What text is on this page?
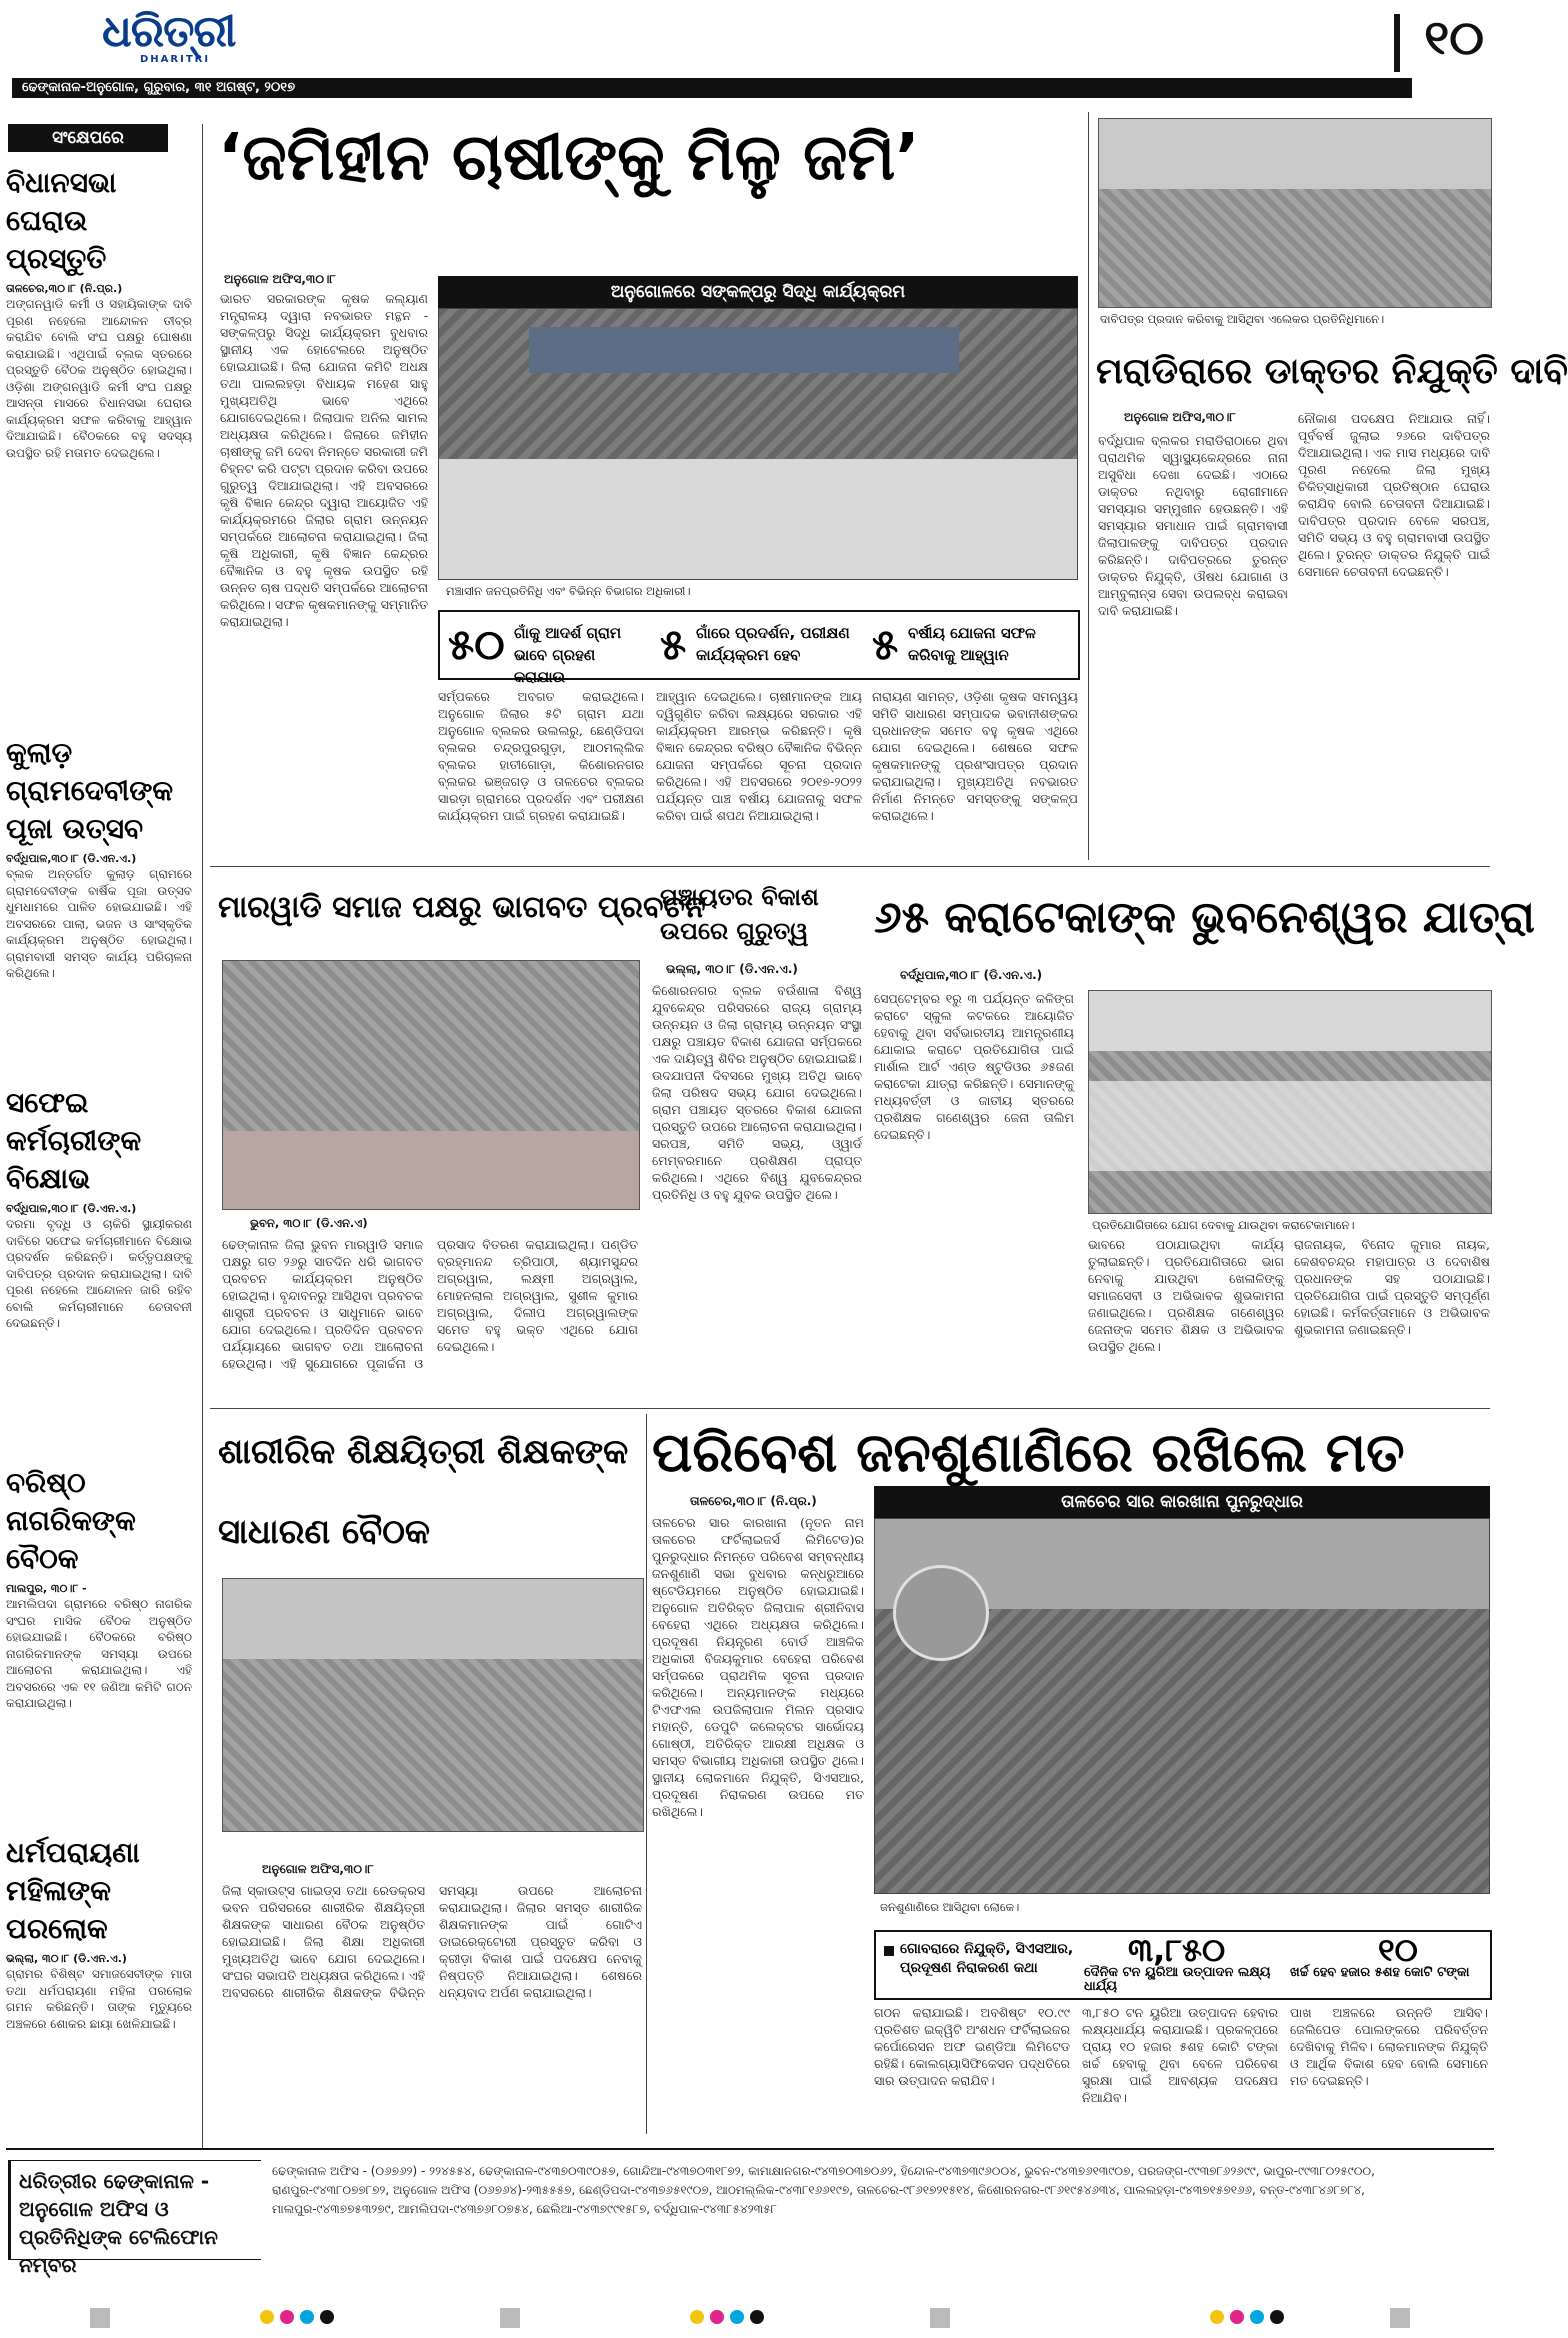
ଧରିତ୍ରୀ
DHARITRI	୧୦
ଢେଙ୍କାନାଳ-ଅନୁଗୋଳ, ଗୁରୁବାର, ୩୧ ଅଗଷ୍ଟ, ୨୦୧୭
ସଂକ୍ଷେପରେ
ବିଧାନସଭା ଘେରାଉ ପ୍ରସ୍ତୁତି
ତାଳଚେର,୩୦।୮ (ନି.ପ୍ର.)
ଅଙ୍ଗନୱାଡି କର୍ମୀ ଓ ସହାୟିକାଙ୍କ ଦାବି ପୂରଣ ନହେଲେ ଆନ୍ଦୋଳନ ତୀବ୍ର କରାଯିବ ବୋଲି ସଂଘ ପକ୍ଷରୁ ଘୋଷଣା କରାଯାଇଛି। ଏଥିପାଇଁ ବ୍ଲକ ସ୍ତରରେ ପ୍ରସ୍ତୁତି ବୈଠକ ଅନୁଷ୍ଠିତ ହୋଇଥିଲା। ଓଡ଼ିଶା ଅଙ୍ଗନୱାଡି କର୍ମୀ ସଂଘ ପକ୍ଷରୁ ଆସନ୍ତା ମାସରେ ବିଧାନସଭା ଘେରାଉ କାର୍ଯ୍ୟକ୍ରମ ସଫଳ କରିବାକୁ ଆହ୍ୱାନ ଦିଆଯାଇଛି। ବୈଠକରେ ବହୁ ସଦସ୍ୟ ଉପସ୍ଥିତ ରହି ମତାମତ ଦେଇଥିଲେ।
କୁଲାଡ଼ ଗ୍ରାମଦେବୀଙ୍କ ପୂଜା ଉତ୍ସବ
ବର୍ଦ୍ଧିପାଳ,୩୦।୮ (ଡି.ଏନ.ଏ.)
ବ୍ଲକ ଅନ୍ତର୍ଗତ କୁଲାଡ଼ ଗ୍ରାମରେ ଗ୍ରାମଦେବୀଙ୍କ ବାର୍ଷିକ ପୂଜା ଉତ୍ସବ ଧୁମଧାମରେ ପାଳିତ ହୋଇଯାଇଛି। ଏହି ଅବସରରେ ପାଲା, ଭଜନ ଓ ସାଂସ୍କୃତିକ କାର୍ଯ୍ୟକ୍ରମ ଅନୁଷ୍ଠିତ ହୋଇଥିଲା। ଗ୍ରାମବାସୀ ସମସ୍ତ କାର୍ଯ୍ୟ ପରିଚାଳନା କରିଥିଲେ।
ସଫେଇ କର୍ମଚାରୀଙ୍କ ବିକ୍ଷୋଭ
ବର୍ଦ୍ଧିପାଳ,୩୦।୮ (ଡି.ଏନ.ଏ.)
ଦରମା ବୃଦ୍ଧି ଓ ଚାକିରି ସ୍ଥାୟୀକରଣ ଦାବିରେ ସଫେଇ କର୍ମଚାରୀମାନେ ବିକ୍ଷୋଭ ପ୍ରଦର୍ଶନ କରିଛନ୍ତି। କର୍ତ୍ତୃପକ୍ଷଙ୍କୁ ଦାବିପତ୍ର ପ୍ରଦାନ କରାଯାଇଥିଲା। ଦାବି ପୂରଣ ନହେଲେ ଆନ୍ଦୋଳନ ଜାରି ରହିବ ବୋଲି କର୍ମଚାରୀମାନେ ଚେତାବନୀ ଦେଇଛନ୍ତି।
ବରିଷ୍ଠ ନାଗରିକଙ୍କ ବୈଠକ
ମାଲପୁର, ୩୦।୮ -
ଆମଲିପଦା ଗ୍ରାମରେ ବରିଷ୍ଠ ନାଗରିକ ସଂଘର ମାସିକ ବୈଠକ ଅନୁଷ୍ଠିତ ହୋଇଯାଇଛି। ବୈଠକରେ ବରିଷ୍ଠ ନାଗରିକମାନଙ୍କ ସମସ୍ୟା ଉପରେ ଆଲୋଚନା କରାଯାଇଥିଲା। ଏହି ଅବସରରେ ଏକ ୧୧ ଜଣିଆ କମିଟି ଗଠନ କରାଯାଇଥିଲା।
ଧର୍ମପରାୟଣା ମହିଳାଙ୍କ ପରଲୋକ
ଭଲ୍ଲା, ୩୦।୮ (ଡି.ଏନ.ଏ.)
ଗ୍ରାମର ବିଶିଷ୍ଟ ସମାଜସେବୀଙ୍କ ମାତା ତଥା ଧର୍ମପରାୟଣା ମହିଳା ପରଲୋକ ଗମନ କରିଛନ୍ତି। ତାଙ୍କ ମୃତ୍ୟୁରେ ଅଞ୍ଚଳରେ ଶୋକର ଛାୟା ଖେଳିଯାଇଛି।
‘ଜମିହୀନ ଚାଷୀଙ୍କୁ ମିଳୁ ଜମି’
ଅନୁଗୋଳ ଅଫିସ,୩୦।୮

ଭାରତ ସରକାରଙ୍କ କୃଷକ କଲ୍ୟାଣ ମନ୍ତ୍ରାଳୟ ଦ୍ୱାରା ନବଭାରତ ମନ୍ଥନ - ସଙ୍କଳ୍ପରୁ ସିଦ୍ଧି କାର୍ଯ୍ୟକ୍ରମ ବୁଧବାର ସ୍ଥାନୀୟ ଏକ ହୋଟେଲରେ ଅନୁଷ୍ଠିତ ହୋଇଯାଇଛି। ଜିଲା ଯୋଜନା କମିଟି ଅଧକ୍ଷ ତଥା ପାଲଲହଡ଼ା ବିଧାୟକ ମହେଶ ସାହୁ ମୁଖ୍ୟଅତିଥି ଭାବେ ଏଥିରେ ଯୋଗଦେଇଥିଲେ। ଜିଲାପାଳ ଅନିଲ ସାମଲ ଅଧ୍ୟକ୍ଷତା କରିଥିଲେ। ଜିଲାରେ ଜମିହୀନ ଚାଷୀଙ୍କୁ ଜମି ଦେବା ନିମନ୍ତେ ସରକାରୀ ଜମି ଚିହ୍ନଟ କରି ପଟ୍ଟା ପ୍ରଦାନ କରିବା ଉପରେ ଗୁରୁତ୍ୱ ଦିଆଯାଇଥିଲା। ଏହି ଅବସରରେ କୃଷି ବିଜ୍ଞାନ କେନ୍ଦ୍ର ଦ୍ୱାରା ଆୟୋଜିତ ଏହି କାର୍ଯ୍ୟକ୍ରମରେ ଜିଲାର ଗ୍ରାମ ଉନ୍ନୟନ ସମ୍ପର୍କରେ ଆଲୋଚନା କରାଯାଇଥିଲା। ଜିଲା କୃଷି ଅଧିକାରୀ, କୃଷି ବିଜ୍ଞାନ କେନ୍ଦ୍ରର ବୈଜ୍ଞାନିକ ଓ ବହୁ କୃଷକ ଉପସ୍ଥିତ ରହି ଉନ୍ନତ ଚାଷ ପଦ୍ଧତି ସମ୍ପର୍କରେ ଆଲୋଚନା କରିଥିଲେ। ସଫଳ କୃଷକମାନଙ୍କୁ ସମ୍ମାନିତ କରାଯାଇଥିଲା।

ଅନୁଗୋଳରେ ସଙ୍କଳ୍ପରୁ ସିଦ୍ଧି କାର୍ଯ୍ୟକ୍ରମ
ମଞ୍ଚାସୀନ ଜନପ୍ରତିନିଧି ଏବଂ ବିଭିନ୍ନ ବିଭାଗର ଅଧିକାରୀ।
୫୦ ଗାଁକୁ ଆଦର୍ଶ ଗ୍ରାମ ଭାବେ ଗ୍ରହଣ କରାଯାଉ
୫ ଗାଁରେ ପ୍ରଦର୍ଶନ, ପରୀକ୍ଷଣ କାର୍ଯ୍ୟକ୍ରମ ହେବ	୫ ବର୍ଷୀୟ ଯୋଜନା ସଫଳ କରିବାକୁ ଆହ୍ୱାନ

ସର୍ମ୍ପକରେ ଅବଗତ କରାଇଥିଲେ। ଅନୁଗୋଳ ଜିଲାର ୫ଟି ଗ୍ରାମ ଯଥା ଅନୁଗୋଳ ବ୍ଲକର ଉଲଲରୁ, ଛେଣ୍ଡିପଦା ବ୍ଲକର ଚନ୍ଦ୍ରପୁରଗୁଡ଼ା, ଆଠମଲ୍ଲିକ ବ୍ଲକର ହାତୀଗୋଡ଼ା, କିଶୋରନଗର ବ୍ଲକର ଭଞ୍ଜଗଡ଼ ଓ ତାଳଚେର ବ୍ଲକର ସାରଡ଼ା ଗ୍ରାମରେ ପ୍ରଦର୍ଶନ ଏବଂ ପରୀକ୍ଷଣ କାର୍ଯ୍ୟକ୍ରମ ପାଇଁ ଗ୍ରହଣ କରାଯାଇଛି।

ଆହ୍ୱାନ ଦେଇଥିଲେ। ଚାଷୀମାନଙ୍କ ଆୟ ଦ୍ୱିଗୁଣିତ କରିବା ଲକ୍ଷ୍ୟରେ ସରକାର ଏହି କାର୍ଯ୍ୟକ୍ରମ ଆରମ୍ଭ କରିଛନ୍ତି। କୃଷି ବିଜ୍ଞାନ କେନ୍ଦ୍ରର ବରିଷ୍ଠ ବୈଜ୍ଞାନିକ ବିଭିନ୍ନ ଯୋଜନା ସମ୍ପର୍କରେ ସୂଚନା ପ୍ରଦାନ କରିଥିଲେ। ଏହି ଅବସରରେ ୨୦୧୭-୨୦୨୨ ପର୍ଯ୍ୟନ୍ତ ପାଞ୍ଚ ବର୍ଷୀୟ ଯୋଜନାକୁ ସଫଳ କରିବା ପାଇଁ ଶପଥ ନିଆଯାଇଥିଲା।

ନାରାୟଣ ସାମନ୍ତ, ଓଡ଼ିଶା କୃଷକ ସମନ୍ୱୟ ସମିତି ସାଧାରଣ ସମ୍ପାଦକ ଭବାନୀଶଙ୍କର ପ୍ରଧାନଙ୍କ ସମେତ ବହୁ କୃଷକ ଏଥିରେ ଯୋଗ ଦେଇଥିଲେ। ଶେଷରେ ସଫଳ କୃଷକମାନଙ୍କୁ ପ୍ରଶଂସାପତ୍ର ପ୍ରଦାନ କରାଯାଇଥିଲା। ମୁଖ୍ୟଅତିଥି ନବଭାରତ ନିର୍ମାଣ ନିମନ୍ତେ ସମସ୍ତଙ୍କୁ ସଙ୍କଳ୍ପ କରାଇଥିଲେ।

ଦାବିପତ୍ର ପ୍ରଦାନ କରିବାକୁ ଆସିଥିବା ଏଲେକର ପ୍ରତିନିଧିମାନେ।
ମରାଡିରାରେ ଡାକ୍ତର ନିଯୁକ୍ତି ଦାବି
ଅନୁଗୋଳ ଅଫିସ,୩୦।୮

ବର୍ଦ୍ଧିପାଳ ବ୍ଲକର ମରାଡିରାଠାରେ ଥିବା ପ୍ରାଥମିକ ସ୍ୱାସ୍ଥ୍ୟକେନ୍ଦ୍ରରେ ନାନା ଅସୁବିଧା ଦେଖା ଦେଇଛି। ଏଠାରେ ଡାକ୍ତର ନଥିବାରୁ ରୋଗୀମାନେ ସମସ୍ୟାର ସମ୍ମୁଖୀନ ହେଉଛନ୍ତି। ଏହି ସମସ୍ୟାର ସମାଧାନ ପାଇଁ ଗ୍ରାମବାସୀ ଜିଲାପାଳଙ୍କୁ ଦାବିପତ୍ର ପ୍ରଦାନ କରିଛନ୍ତି। ଦାବିପତ୍ରରେ ତୁରନ୍ତ ଡାକ୍ତର ନିଯୁକ୍ତି, ଔଷଧ ଯୋଗାଣ ଓ ଆମ୍ବୁଲାନ୍ସ ସେବା ଉପଲବ୍ଧ କରାଇବା ଦାବି କରାଯାଇଛି।

ନୌକାଶ ପଦକ୍ଷେପ ନିଆଯାଉ ନାହିଁ। ପୂର୍ବବର୍ଷ ଜୁଲାଇ ୨୬ରେ ଦାବିପତ୍ର ଦିଆଯାଇଥିଲା। ଏକ ମାସ ମଧ୍ୟରେ ଦାବି ପୂରଣ ନହେଲେ ଜିଲା ମୁଖ୍ୟ ଚିକିତ୍ସାଧିକାରୀ ପ୍ରତିଷ୍ଠାନ ଘେରାଉ କରାଯିବ ବୋଲି ଚେତାବନୀ ଦିଆଯାଇଛି। ଦାବିପତ୍ର ପ୍ରଦାନ ବେଳେ ସରପଞ୍ଚ, ସମିତି ସଭ୍ୟ ଓ ବହୁ ଗ୍ରାମବାସୀ ଉପସ୍ଥିତ ଥିଲେ। ତୁରନ୍ତ ଡାକ୍ତର ନିଯୁକ୍ତି ପାଇଁ ସେମାନେ ଚେତାବନୀ ଦେଇଛନ୍ତି।

ମାରୱାଡି ସମାଜ ପକ୍ଷରୁ ଭାଗବତ ପ୍ରବଚନ
ଭୁବନ, ୩୦।୮ (ଡି.ଏନ.ଏ)

ଢେଙ୍କାନାଳ ଜିଲା ଭୁବନ ମାରୱାଡି ସମାଜ ପକ୍ଷରୁ ଗତ ୨୬ରୁ ସାତଦିନ ଧରି ଭାଗବତ ପ୍ରବଚନ କାର୍ଯ୍ୟକ୍ରମ ଅନୁଷ୍ଠିତ ହୋଇଥିଲା। ବୃନ୍ଦାବନରୁ ଆସିଥିବା ପ୍ରବଚକ ଶାସ୍ତ୍ରୀ ପ୍ରବଚନ ଓ ସାଧୁମାନେ ଭାବେ ଯୋଗ ଦେଇଥିଲେ। ପ୍ରତିଦିନ ପ୍ରବଚନ ପର୍ଯ୍ୟାୟରେ ଭାଗବତ ତଥା ଆଲୋଚନା ହେଉଥିଲା। ଏହି ସୁଯୋଗରେ ପୂଜାର୍ଚ୍ଚନା ଓ ପ୍ରସାଦ ବିତରଣ କରାଯାଇଥିଲା। ପଣ୍ଡିତ ବ୍ରହ୍ମାନନ୍ଦ ତ୍ରିପାଠୀ, ଶ୍ୟାମସୁନ୍ଦର ଅଗ୍ରୱାଲ, ଲକ୍ଷ୍ମୀ ଅଗ୍ରୱାଲ, ମୋହନଲାଲ ଅଗ୍ରୱାଲ, ସୁଶୀଳ କୁମାର ଅଗ୍ରୱାଲ, ଦିଲୀପ ଅଗ୍ରୱାଲଙ୍କ ସମେତ ବହୁ ଭକ୍ତ ଏଥିରେ ଯୋଗ ଦେଇଥିଲେ।

ପଞ୍ଚାୟତର ବିକାଶ ଉପରେ ଗୁରୁତ୍ୱ
ଭଲ୍ଲା, ୩୦।୮ (ଡି.ଏନ.ଏ.)

କିଶୋରନଗର ବ୍ଲକ ବଉଁଶାଳା ବିଶ୍ୱ ଯୁବକେନ୍ଦ୍ର ପରିସରରେ ରାଜ୍ୟ ଗ୍ରାମ୍ୟ ଉନ୍ନୟନ ଓ ଜିଲା ଗ୍ରାମ୍ୟ ଉନ୍ନୟନ ସଂସ୍ଥା ପକ୍ଷରୁ ପଞ୍ଚାୟତ ବିକାଶ ଯୋଜନା ସର୍ମ୍ପକରେ ଏକ ଦାୟିତ୍ୱ ଶିବିର ଅନୁଷ୍ଠିତ ହୋଇଯାଇଛି। ଉଦଯାପନୀ ଦିବସରେ ମୁଖ୍ୟ ଅତିଥି ଭାବେ ଜିଲା ପରିଷଦ ସଭ୍ୟ ଯୋଗ ଦେଇଥିଲେ। ଗ୍ରାମ ପଞ୍ଚାୟତ ସ୍ତରରେ ବିକାଶ ଯୋଜନା ପ୍ରସ୍ତୁତି ଉପରେ ଆଲୋଚନା କରାଯାଇଥିଲା। ସରପଞ୍ଚ, ସମିତି ସଭ୍ୟ, ଓ୍ୱାର୍ଡ ମେମ୍ବରମାନେ ପ୍ରଶିକ୍ଷଣ ପ୍ରାପ୍ତ କରିଥିଲେ। ଏଥିରେ ବିଶ୍ୱ ଯୁବକେନ୍ଦ୍ରର ପ୍ରତିନିଧି ଓ ବହୁ ଯୁବକ ଉପସ୍ଥିତ ଥିଲେ।

୬୫ କରାଟେକାଙ୍କ ଭୁବନେଶ୍ୱର ଯାତ୍ରା
ବର୍ଦ୍ଧିପାଳ,୩୦।୮ (ଡି.ଏନ.ଏ.)

ସେପ୍ଟେମ୍ବର ୧ରୁ ୩ ପର୍ଯ୍ୟନ୍ତ କଳିଙ୍ଗ କରାଟେ ସ୍କୁଲ କଟକରେ ଆୟୋଜିତ ହେବାକୁ ଥିବା ସର୍ବଭାରତୀୟ ଆମନ୍ତ୍ରଣୀୟ ଯୋକାଇ କରାଟେ ପ୍ରତିଯୋଗିତା ପାଇଁ ମାର୍ଶାଲ ଆର୍ଟ ଏଣ୍ଡ ଷ୍ଟୁଡିଓର ୬୫ଜଣ କରାଟେକା ଯାତ୍ରା କରିଛନ୍ତି। ସେମାନଙ୍କୁ ମଧ୍ୟବର୍ତ୍ତୀ ଓ ଜାତୀୟ ସ୍ତରରେ ପ୍ରଶିକ୍ଷକ ଗଣେଶ୍ୱର ଜେନା ତାଲିମ ଦେଇଛନ୍ତି।

ପ୍ରତିଯୋଗିତାରେ ଯୋଗ ଦେବାକୁ ଯାଉଥିବା କରାଟେକାମାନେ।

ଭାବରେ ପଠାଯାଇଥିବା କାର୍ଯ୍ୟ ତୁଲାଇଛନ୍ତି। ପ୍ରତିଯୋଗିତାରେ ଭାଗ ନେବାକୁ ଯାଉଥିବା ଖେଳାଳିଙ୍କୁ ସମାଜସେବୀ ଓ ଅଭିଭାବକ ଶୁଭକାମନା ଜଣାଇଥିଲେ। ପ୍ରଶିକ୍ଷକ ଗଣେଶ୍ୱର ଜେନାଙ୍କ ସମେତ ଶିକ୍ଷକ ଓ ଅଭିଭାବକ ଉପସ୍ଥିତ ଥିଲେ।

ରାଜନାୟକ, ବିନୋଦ କୁମାର ନାୟକ, କେଶବଚନ୍ଦ୍ର ମହାପାତ୍ର ଓ ଦେବାଶିଷ ପ୍ରଧାନଙ୍କ ସହ ପଠାଯାଇଛି। ପ୍ରତିଯୋଗିତା ପାଇଁ ପ୍ରସ୍ତୁତି ସମ୍ପୂର୍ଣ୍ଣ ହୋଇଛି। କର୍ମକର୍ତ୍ତାମାନେ ଓ ଅଭିଭାବକ ଶୁଭକାମନା ଜଣାଇଛନ୍ତି।

ଶାରୀରିକ ଶିକ୍ଷୟିତ୍ରୀ ଶିକ୍ଷକଙ୍କ
ସାଧାରଣ ବୈଠକ
ଅନୁଗୋଳ ଅଫିସ,୩୦।୮

ଜିଲା ସ୍କାଉଟ୍ସ ଗାଇଡ୍ସ ତଥା ରେଡକ୍ରସ ଭବନ ପରିସରରେ ଶାରୀରିକ ଶିକ୍ଷୟିତ୍ରୀ ଶିକ୍ଷକଙ୍କ ସାଧାରଣ ବୈଠକ ଅନୁଷ୍ଠିତ ହୋଇଯାଇଛି। ଜିଲା ଶିକ୍ଷା ଅଧିକାରୀ ମୁଖ୍ୟଅତିଥି ଭାବେ ଯୋଗ ଦେଇଥିଲେ। ସଂଘର ସଭାପତି ଅଧ୍ୟକ୍ଷତା କରିଥିଲେ। ଏହି ଅବସରରେ ଶାରୀରିକ ଶିକ୍ଷକଙ୍କ ବିଭିନ୍ନ ସମସ୍ୟା ଉପରେ ଆଲୋଚନା କରାଯାଇଥିଲା। ଜିଲାର ସମସ୍ତ ଶାରୀରିକ ଶିକ୍ଷକମାନଙ୍କ ପାଇଁ ଗୋଟିଏ ଡାଇରେକ୍ଟୋରୀ ପ୍ରସ୍ତୁତ କରିବା ଓ କ୍ରୀଡ଼ା ବିକାଶ ପାଇଁ ପଦକ୍ଷେପ ନେବାକୁ ନିଷ୍ପତ୍ତି ନିଆଯାଇଥିଲା। ଶେଷରେ ଧନ୍ୟବାଦ ଅର୍ପଣ କରାଯାଇଥିଲା।

ପରିବେଶ ଜନଶୁଣାଣିରେ ରଖିଲେ ମତ
ତାଳଚେର,୩୦।୮ (ନି.ପ୍ର.)

ତାଳଚେର ସାର କାରଖାନା (ନୂତନ ନାମ ତାଳଚେର ଫର୍ଟିଲାଇଜର୍ସ ଲିମିଟେଡ)ର ପୁନରୁଦ୍ଧାର ନିମନ୍ତେ ପରିବେଶ ସମ୍ବନ୍ଧୀୟ ଜନଶୁଣାଣି ସଭା ବୁଧବାର କନ୍ଧରୁଆରେ ଷ୍ଟେଡିୟମରେ ଅନୁଷ୍ଠିତ ହୋଇଯାଇଛି। ଅନୁଗୋଳ ଅତିରିକ୍ତ ଜିଲାପାଳ ଶ୍ରୀନିବାସ ବେହେରା ଏଥିରେ ଅଧ୍ୟକ୍ଷତା କରିଥିଲେ। ପ୍ରଦୂଷଣ ନିୟନ୍ତ୍ରଣ ବୋର୍ଡ ଆଞ୍ଚଳିକ ଅଧିକାରୀ ବିଜୟକୁମାର ବେହେରା ପରିବେଶ ସର୍ମ୍ପକରେ ପ୍ରାଥମିକ ସୂଚନା ପ୍ରଦାନ କରିଥିଲେ। ଅନ୍ୟମାନଙ୍କ ମଧ୍ୟରେ ଟିଏଫଏଲ ଉପଜିଲାପାଳ ମିଲନ ପ୍ରସାଦ ମହାନ୍ତି, ଡେପୁଟି କଲେକ୍ଟର ସାର୍ଭୋଦୟ ଗୋଷ୍ଠୀ, ଅତିରିକ୍ତ ଆରକ୍ଷୀ ଅଧିକ୍ଷକ ଓ ସମସ୍ତ ବିଭାଗୀୟ ଅଧିକାରୀ ଉପସ୍ଥିତ ଥିଲେ। ସ୍ଥାନୀୟ ଲୋକମାନେ ନିଯୁକ୍ତି, ସିଏସଆର, ପ୍ରଦୂଷଣ ନିରାକରଣ ଉପରେ ମତ ରଖିଥିଲେ।

ତାଳଚେର ସାର କାରଖାନା ପୁନରୁଦ୍ଧାର
ଜନଶୁଣାଣିରେ ଆସିଥିବା ଲୋକେ।
ଗୋବରାରେ ନିଯୁକ୍ତି, ସିଏସଆର, ପ୍ରଦୂଷଣ ନିରାକରଣ କଥା	୩,୮୫୦
ଦୈନିକ ଟନ ୟୁରିଆ ଉତ୍ପାଦନ ଲକ୍ଷ୍ୟ ଧାର୍ଯ୍ୟ
୧୦
ଖର୍ଚ୍ଚ ହେବ ହଜାର ୫ଶହ କୋଟି ଟଙ୍କା

ଗଠନ କରାଯାଇଛି। ଅବଶିଷ୍ଟ ୧୦.୯୯ ପ୍ରତିଶତ ଇକ୍ୱିଟି ଅଂଶଧନ ଫର୍ଟିଲାଇଜର କର୍ପୋରେସନ ଅଫ ଇଣ୍ଡିଆ ଲିମିଟେଡ ରହିଛି। କୋଲଗ୍ୟାସିଫିକେସନ ପଦ୍ଧତିରେ ସାର ଉତ୍ପାଦନ କରାଯିବ।

୩,୮୫୦ ଟନ ୟୁରିଆ ଉତ୍ପାଦନ ହେବାର ଲକ୍ଷ୍ୟଧାର୍ଯ୍ୟ କରାଯାଇଛି। ପ୍ରକଳ୍ପରେ ପ୍ରାୟ ୧୦ ହଜାର ୫ଶହ କୋଟି ଟଙ୍କା ଖର୍ଚ୍ଚ ହେବାକୁ ଥିବା ବେଳେ ପରିବେଶ ସୁରକ୍ଷା ପାଇଁ ଆବଶ୍ୟକ ପଦକ୍ଷେପ ନିଆଯିବ।

ପାଖ ଅଞ୍ଚଳରେ ଉନ୍ନତି ଆସିବ। ଜେଲିପେଡ ପୋଲଙ୍କରେ ପରିବର୍ତ୍ତନ ଦେଖିବାକୁ ମିଳିବ। ଲୋକମାନଙ୍କ ନିଯୁକ୍ତି ଓ ଆର୍ଥିକ ବିକାଶ ହେବ ବୋଲି ସେମାନେ ମତ ଦେଇଛନ୍ତି।

ଧରିତ୍ରୀର ଢେଙ୍କାନାଳ - ଅନୁଗୋଳ ଅଫିସ ଓ ପ୍ରତିନିଧିଙ୍କ ଟେଲିଫୋନ ନମ୍ବର
ଢେଙ୍କାନାଳ ଅଫିସ - (୦୬୭୬୨) - ୨୨୪୫୫୪, ଢେଙ୍କାନାଳ-୯୪୩୭୦୩୯୦୫୭, ଗୋନ୍ଦିଆ-୯୪୩୭୦୩୧୮୭୨, କାମାକ୍ଷାନଗର-୯୪୩୭୦୩୭୦୬୨, ହିନ୍ଦୋଳ-୯୪୩୭୩୯୬୦୦୪, ଭୁବନ-୯୪୩୭୬୧୩୯୦୭, ପରଜଙ୍ଗ-୯୯୩୭୮୬୨୬୯୯, ଭାପୁର-୯୯୩୮୦୨୫୯୦୦, ରାଣପୁର-୯୪୩୮୦୭୭୮୭୨, ଅନୁଗୋଳ ଅଫିସ (୦୬୭୬୪)-୨୩୫୫୫୭, ଛେଣ୍ଡିପଦା-୯୪୩୭୬୫୧୯୦୭, ଆଠମଲ୍ଲିକ-୯୪୩୮୧୬୬୧୯୭, ତାଳଚେର-୯୮୬୧୭୨୧୫୧୪, କିଶୋରନଗର-୯୮୬୧୯୫୪୬୩୪, ପାଲଲହଡ଼ା-୯୪୩୭୧୫୭୧୬୬, ବନ୍ତ-୯୪୩୮୪୬୮୭୮୪, ମାଲପୁର-୯୪୩୭୭୫୩୨୭୯, ଆମଲିପଦା-୯୪୩୭୬୮୦୭୫୪, ଛେଲିଆ-୯୪୩୭୯୯୧୫୮୭, ବର୍ଦ୍ଧିପାଳ-୯୪୩୮୫୪୨୩୫୮
